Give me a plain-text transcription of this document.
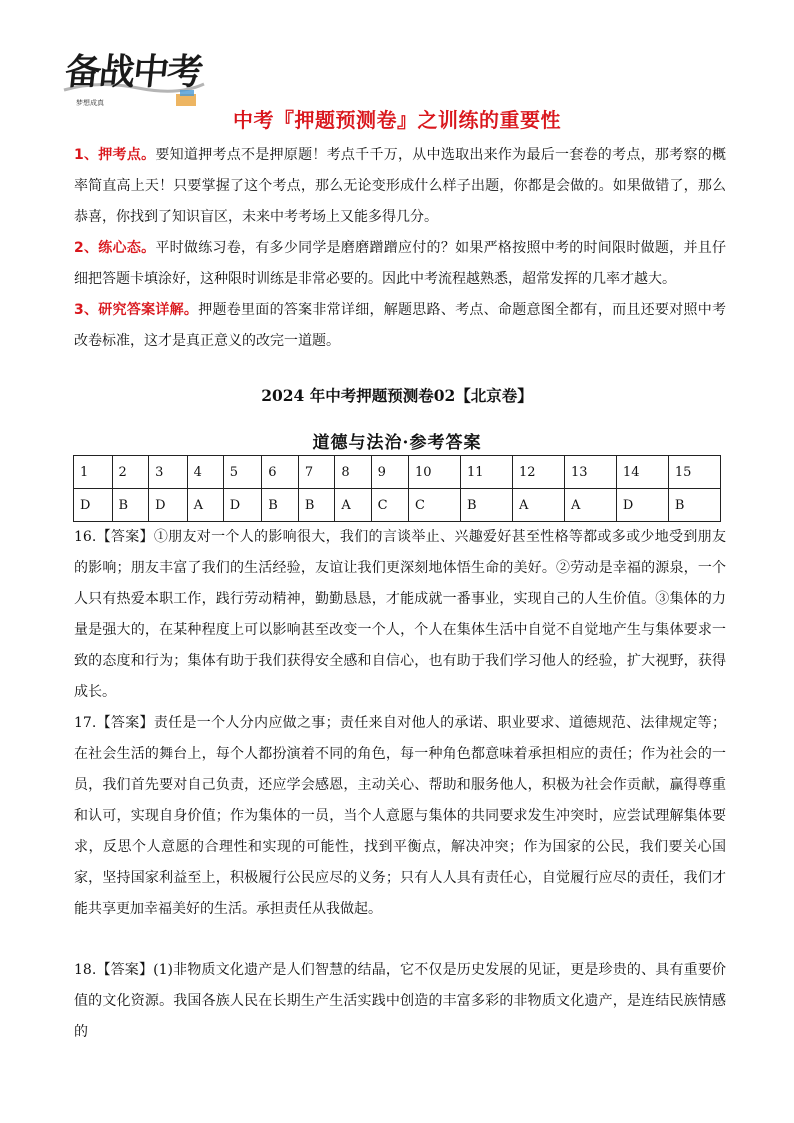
备战中考
梦想成真
中考『押题预测卷』之训练的重要性

1、押考点。要知道押考点不是押原题！考点千千万，从中选取出来作为最后一套卷的考点，那考察的概率简直高上天！只要掌握了这个考点，那么无论变形成什么样子出题，你都是会做的。如果做错了，那么恭喜，你找到了知识盲区，未来中考考场上又能多得几分。

2、练心态。平时做练习卷，有多少同学是磨磨蹭蹭应付的？如果严格按照中考的时间限时做题，并且仔细把答题卡填涂好，这种限时训练是非常必要的。因此中考流程越熟悉，超常发挥的几率才越大。

3、研究答案详解。押题卷里面的答案非常详细，解题思路、考点、命题意图全都有，而且还要对照中考改卷标准，这才是真正意义的改完一道题。

2024 年中考押题预测卷02【北京卷】
道德与法治·参考答案
1	2	3	4	5	6	7	8	9	10	11	12	13	14	15
D	B	D	A	D	B	B	A	C	C	B	A	A	D	B

16.【答案】①朋友对一个人的影响很大，我们的言谈举止、兴趣爱好甚至性格等都或多或少地受到朋友的影响；朋友丰富了我们的生活经验，友谊让我们更深刻地体悟生命的美好。②劳动是幸福的源泉，一个人只有热爱本职工作，践行劳动精神，勤勤恳恳，才能成就一番事业，实现自己的人生价值。③集体的力量是强大的，在某种程度上可以影响甚至改变一个人，个人在集体生活中自觉不自觉地产生与集体要求一致的态度和行为；集体有助于我们获得安全感和自信心，也有助于我们学习他人的经验，扩大视野，获得成长。

17.【答案】责任是一个人分内应做之事；责任来自对他人的承诺、职业要求、道德规范、法律规定等；在社会生活的舞台上，每个人都扮演着不同的角色，每一种角色都意味着承担相应的责任；作为社会的一员，我们首先要对自己负责，还应学会感恩，主动关心、帮助和服务他人，积极为社会作贡献，赢得尊重和认可，实现自身价值；作为集体的一员，当个人意愿与集体的共同要求发生冲突时，应尝试理解集体要求，反思个人意愿的合理性和实现的可能性，找到平衡点，解决冲突；作为国家的公民，我们要关心国家，坚持国家利益至上，积极履行公民应尽的义务；只有人人具有责任心，自觉履行应尽的责任，我们才能共享更加幸福美好的生活。承担责任从我做起。

18.【答案】(1)非物质文化遗产是人们智慧的结晶，它不仅是历史发展的见证，更是珍贵的、具有重要价值的文化资源。我国各族人民在长期生产生活实践中创造的丰富多彩的非物质文化遗产，是连结民族情感的
